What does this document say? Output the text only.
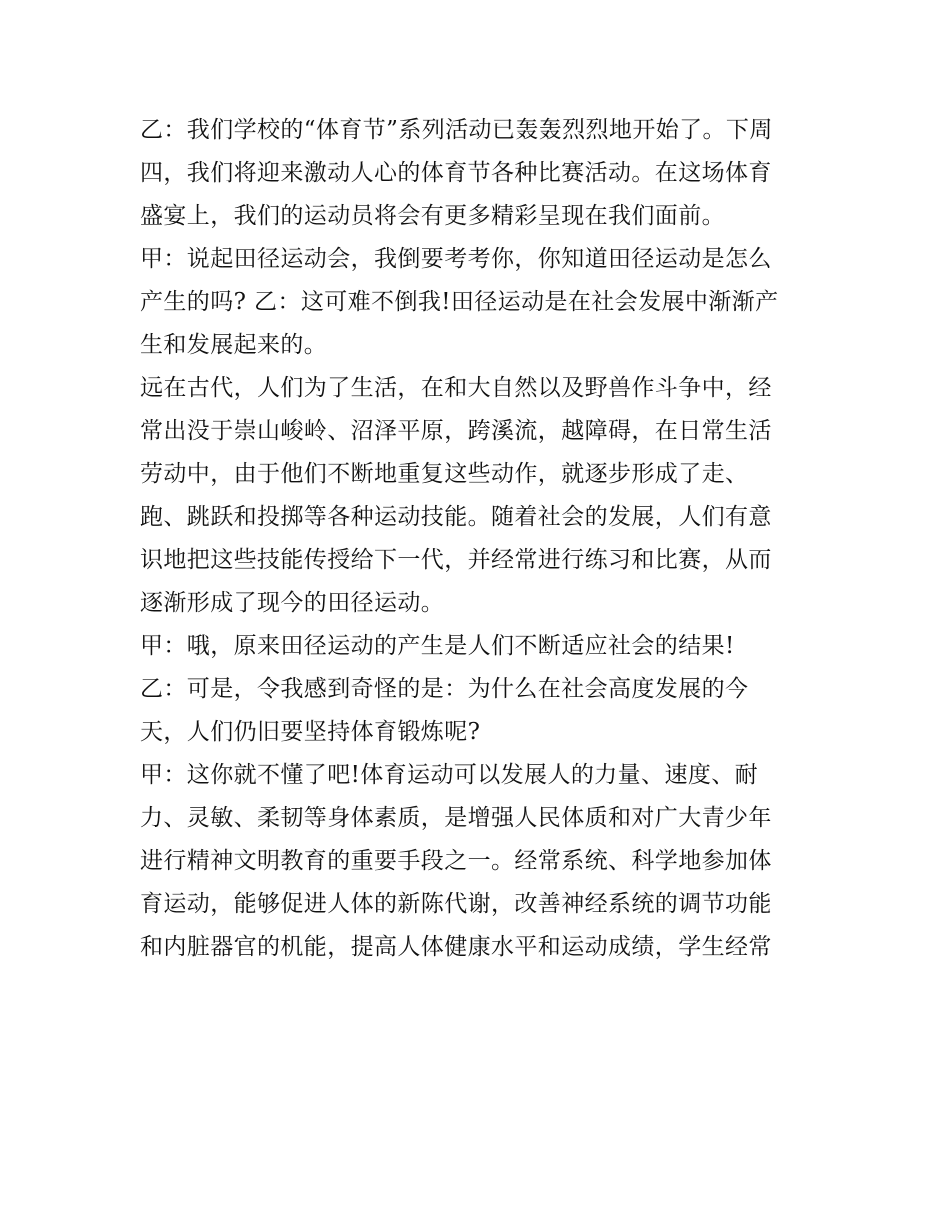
乙：我们学校的“体育节”系列活动已轰轰烈烈地开始了。下周
四，我们将迎来激动人心的体育节各种比赛活动。在这场体育
盛宴上，我们的运动员将会有更多精彩呈现在我们面前。
甲：说起田径运动会，我倒要考考你，你知道田径运动是怎么
产生的吗? 乙：这可难不倒我!田径运动是在社会发展中渐渐产
生和发展起来的。
远在古代，人们为了生活，在和大自然以及野兽作斗争中，经
常出没于崇山峻岭、沼泽平原，跨溪流，越障碍，在日常生活
劳动中，由于他们不断地重复这些动作，就逐步形成了走、
跑、跳跃和投掷等各种运动技能。随着社会的发展，人们有意
识地把这些技能传授给下一代，并经常进行练习和比赛，从而
逐渐形成了现今的田径运动。
甲：哦，原来田径运动的产生是人们不断适应社会的结果!
乙：可是，令我感到奇怪的是：为什么在社会高度发展的今
天，人们仍旧要坚持体育锻炼呢?
甲：这你就不懂了吧!体育运动可以发展人的力量、速度、耐
力、灵敏、柔韧等身体素质，是增强人民体质和对广大青少年
进行精神文明教育的重要手段之一。经常系统、科学地参加体
育运动，能够促进人体的新陈代谢，改善神经系统的调节功能
和内脏器官的机能，提高人体健康水平和运动成绩，学生经常
